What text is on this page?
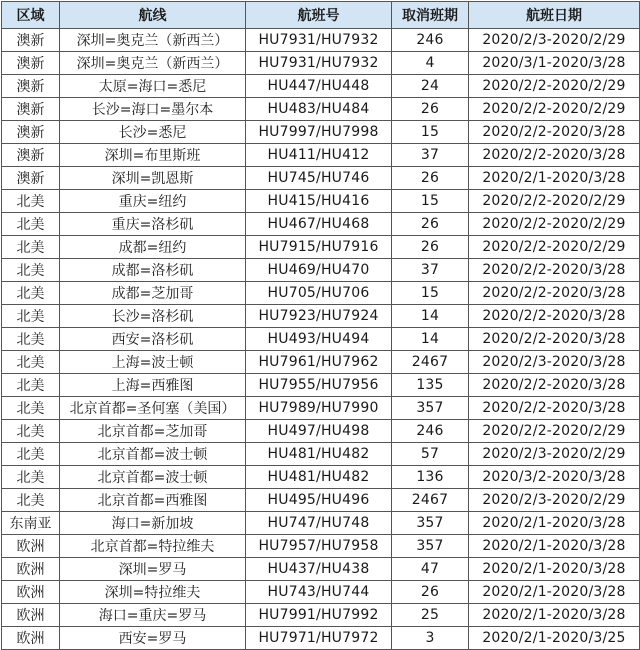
区域	航线	航班号	取消班期	航班日期
澳新	深圳=奥克兰（新西兰）	HU7931/HU7932	246	2020/2/3-2020/2/29
澳新	深圳=奥克兰（新西兰）	HU7931/HU7932	4	2020/3/1-2020/3/28
澳新	太原=海口=悉尼	HU447/HU448	24	2020/2/2-2020/2/29
澳新	长沙=海口=墨尔本	HU483/HU484	26	2020/2/2-2020/2/29
澳新	长沙=悉尼	HU7997/HU7998	15	2020/2/2-2020/3/28
澳新	深圳=布里斯班	HU411/HU412	37	2020/2/2-2020/3/28
澳新	深圳=凯恩斯	HU745/HU746	26	2020/2/1-2020/3/28
北美	重庆=纽约	HU415/HU416	15	2020/2/2-2020/2/29
北美	重庆=洛杉矶	HU467/HU468	26	2020/2/2-2020/2/29
北美	成都=纽约	HU7915/HU7916	26	2020/2/2-2020/2/29
北美	成都=洛杉矶	HU469/HU470	37	2020/2/2-2020/3/28
北美	成都=芝加哥	HU705/HU706	15	2020/2/2-2020/3/28
北美	长沙=洛杉矶	HU7923/HU7924	14	2020/2/2-2020/3/28
北美	西安=洛杉矶	HU493/HU494	14	2020/2/2-2020/3/28
北美	上海=波士顿	HU7961/HU7962	2467	2020/2/3-2020/3/28
北美	上海=西雅图	HU7955/HU7956	135	2020/2/2-2020/3/28
北美	北京首都=圣何塞（美国）	HU7989/HU7990	357	2020/2/2-2020/3/28
北美	北京首都=芝加哥	HU497/HU498	246	2020/2/2-2020/2/29
北美	北京首都=波士顿	HU481/HU482	57	2020/2/3-2020/2/29
北美	北京首都=波士顿	HU481/HU482	136	2020/3/2-2020/3/28
北美	北京首都=西雅图	HU495/HU496	2467	2020/2/3-2020/2/29
东南亚	海口=新加坡	HU747/HU748	357	2020/2/1-2020/3/28
欧洲	北京首都=特拉维夫	HU7957/HU7958	357	2020/2/1-2020/3/28
欧洲	深圳=罗马	HU437/HU438	47	2020/2/1-2020/3/28
欧洲	深圳=特拉维夫	HU743/HU744	26	2020/2/1-2020/3/28
欧洲	海口=重庆=罗马	HU7991/HU7992	25	2020/2/1-2020/3/28
欧洲	西安=罗马	HU7971/HU7972	3	2020/2/1-2020/3/25
